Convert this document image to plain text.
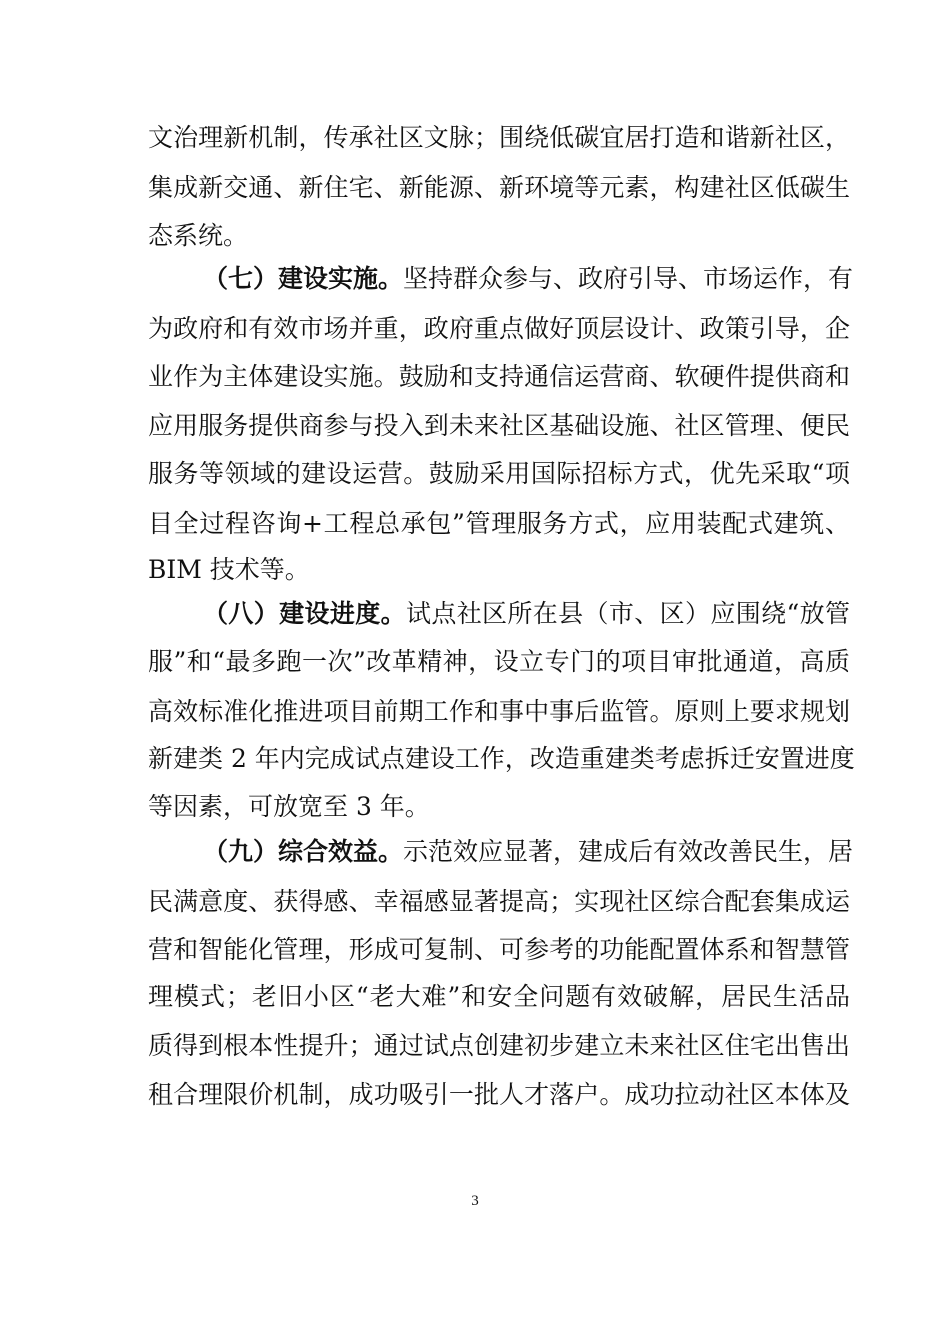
文治理新机制，传承社区文脉；围绕低碳宜居打造和谐新社区，
集成新交通、新住宅、新能源、新环境等元素，构建社区低碳生
态系统。
（七）建设实施。坚持群众参与、政府引导、市场运作，有
为政府和有效市场并重，政府重点做好顶层设计、政策引导，企
业作为主体建设实施。鼓励和支持通信运营商、软硬件提供商和
应用服务提供商参与投入到未来社区基础设施、社区管理、便民
服务等领域的建设运营。鼓励采用国际招标方式，优先采取“项
目全过程咨询+工程总承包”管理服务方式，应用装配式建筑、
BIM 技术等。
（八）建设进度。试点社区所在县（市、区）应围绕“放管
服”和“最多跑一次”改革精神，设立专门的项目审批通道，高质
高效标准化推进项目前期工作和事中事后监管。原则上要求规划
新建类 2 年内完成试点建设工作，改造重建类考虑拆迁安置进度
等因素，可放宽至 3 年。
（九）综合效益。示范效应显著，建成后有效改善民生，居
民满意度、获得感、幸福感显著提高；实现社区综合配套集成运
营和智能化管理，形成可复制、可参考的功能配置体系和智慧管
理模式；老旧小区“老大难”和安全问题有效破解，居民生活品
质得到根本性提升；通过试点创建初步建立未来社区住宅出售出
租合理限价机制，成功吸引一批人才落户。成功拉动社区本体及
3
